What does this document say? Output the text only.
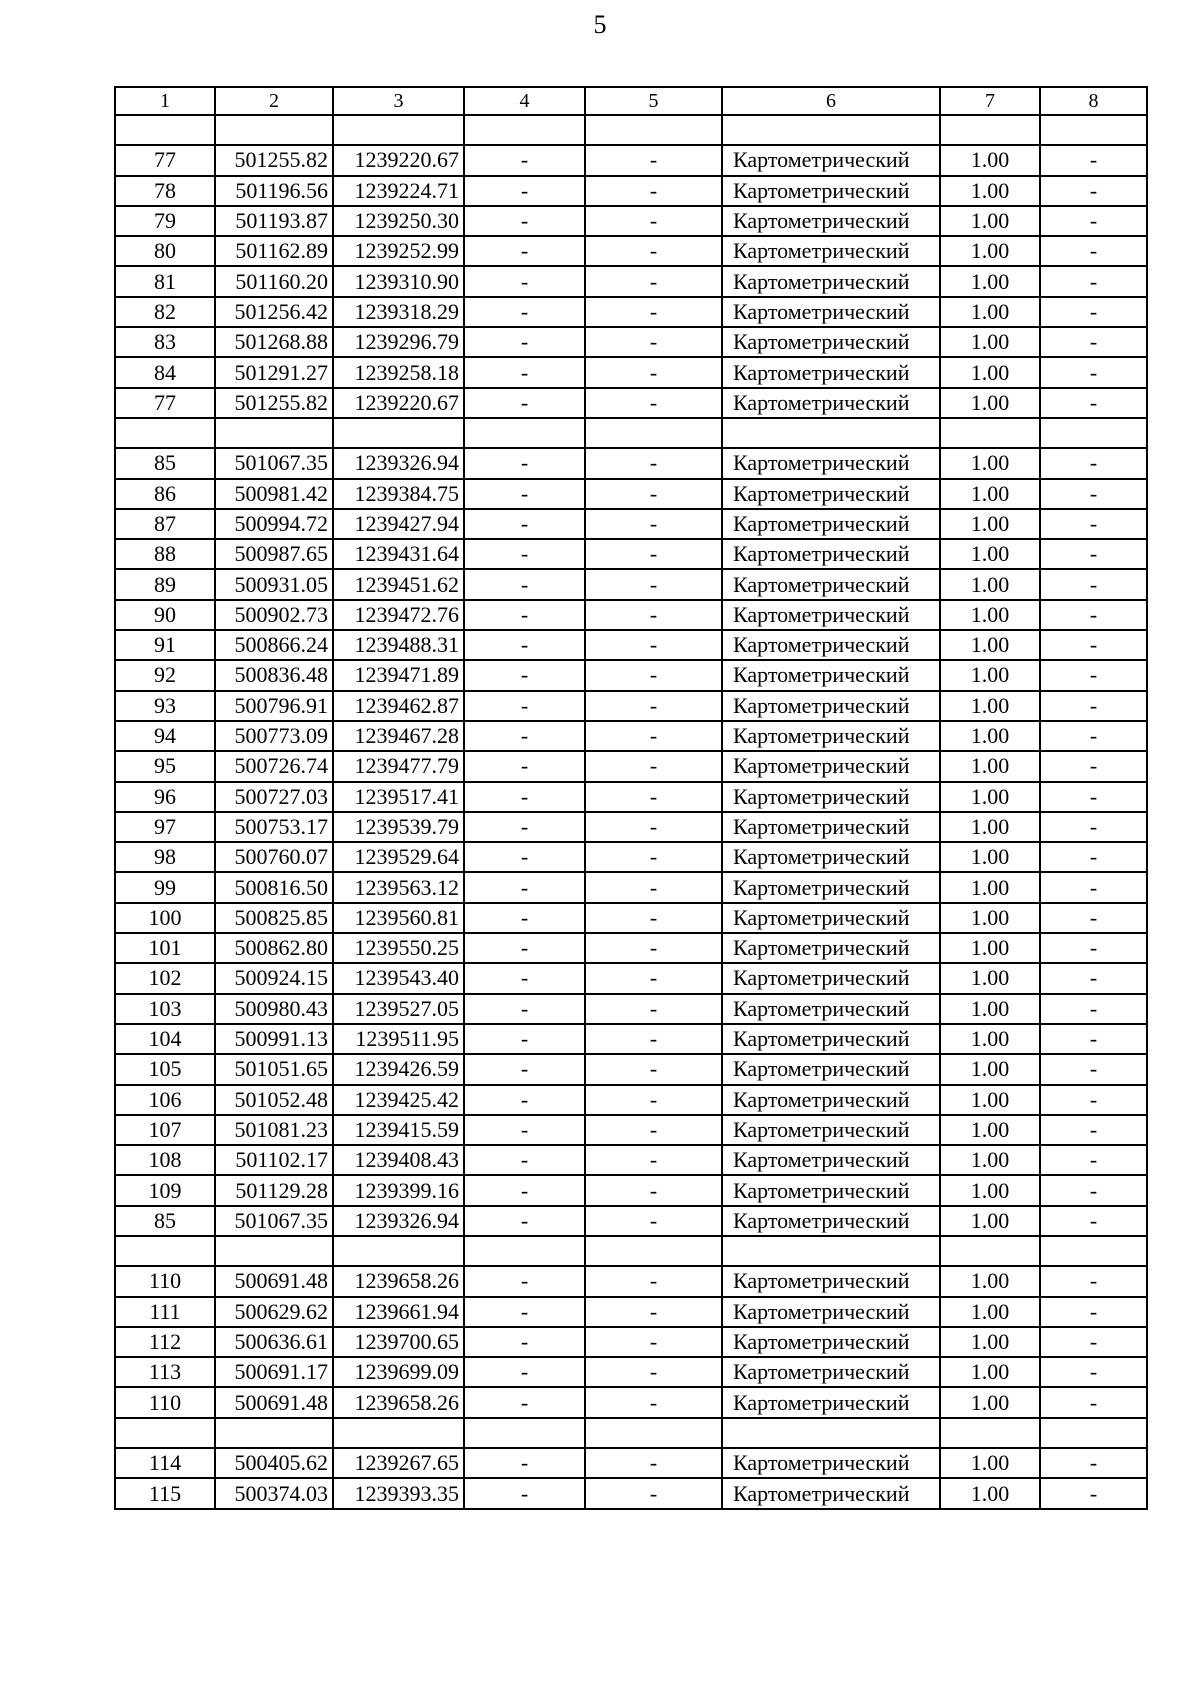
5
1	2	3	4	5	6	7	8

77	501255.82	1239220.67	-	-	Картометрический	1.00	-
78	501196.56	1239224.71	-	-	Картометрический	1.00	-
79	501193.87	1239250.30	-	-	Картометрический	1.00	-
80	501162.89	1239252.99	-	-	Картометрический	1.00	-
81	501160.20	1239310.90	-	-	Картометрический	1.00	-
82	501256.42	1239318.29	-	-	Картометрический	1.00	-
83	501268.88	1239296.79	-	-	Картометрический	1.00	-
84	501291.27	1239258.18	-	-	Картометрический	1.00	-
77	501255.82	1239220.67	-	-	Картометрический	1.00	-

85	501067.35	1239326.94	-	-	Картометрический	1.00	-
86	500981.42	1239384.75	-	-	Картометрический	1.00	-
87	500994.72	1239427.94	-	-	Картометрический	1.00	-
88	500987.65	1239431.64	-	-	Картометрический	1.00	-
89	500931.05	1239451.62	-	-	Картометрический	1.00	-
90	500902.73	1239472.76	-	-	Картометрический	1.00	-
91	500866.24	1239488.31	-	-	Картометрический	1.00	-
92	500836.48	1239471.89	-	-	Картометрический	1.00	-
93	500796.91	1239462.87	-	-	Картометрический	1.00	-
94	500773.09	1239467.28	-	-	Картометрический	1.00	-
95	500726.74	1239477.79	-	-	Картометрический	1.00	-
96	500727.03	1239517.41	-	-	Картометрический	1.00	-
97	500753.17	1239539.79	-	-	Картометрический	1.00	-
98	500760.07	1239529.64	-	-	Картометрический	1.00	-
99	500816.50	1239563.12	-	-	Картометрический	1.00	-
100	500825.85	1239560.81	-	-	Картометрический	1.00	-
101	500862.80	1239550.25	-	-	Картометрический	1.00	-
102	500924.15	1239543.40	-	-	Картометрический	1.00	-
103	500980.43	1239527.05	-	-	Картометрический	1.00	-
104	500991.13	1239511.95	-	-	Картометрический	1.00	-
105	501051.65	1239426.59	-	-	Картометрический	1.00	-
106	501052.48	1239425.42	-	-	Картометрический	1.00	-
107	501081.23	1239415.59	-	-	Картометрический	1.00	-
108	501102.17	1239408.43	-	-	Картометрический	1.00	-
109	501129.28	1239399.16	-	-	Картометрический	1.00	-
85	501067.35	1239326.94	-	-	Картометрический	1.00	-

110	500691.48	1239658.26	-	-	Картометрический	1.00	-
111	500629.62	1239661.94	-	-	Картометрический	1.00	-
112	500636.61	1239700.65	-	-	Картометрический	1.00	-
113	500691.17	1239699.09	-	-	Картометрический	1.00	-
110	500691.48	1239658.26	-	-	Картометрический	1.00	-

114	500405.62	1239267.65	-	-	Картометрический	1.00	-
115	500374.03	1239393.35	-	-	Картометрический	1.00	-
